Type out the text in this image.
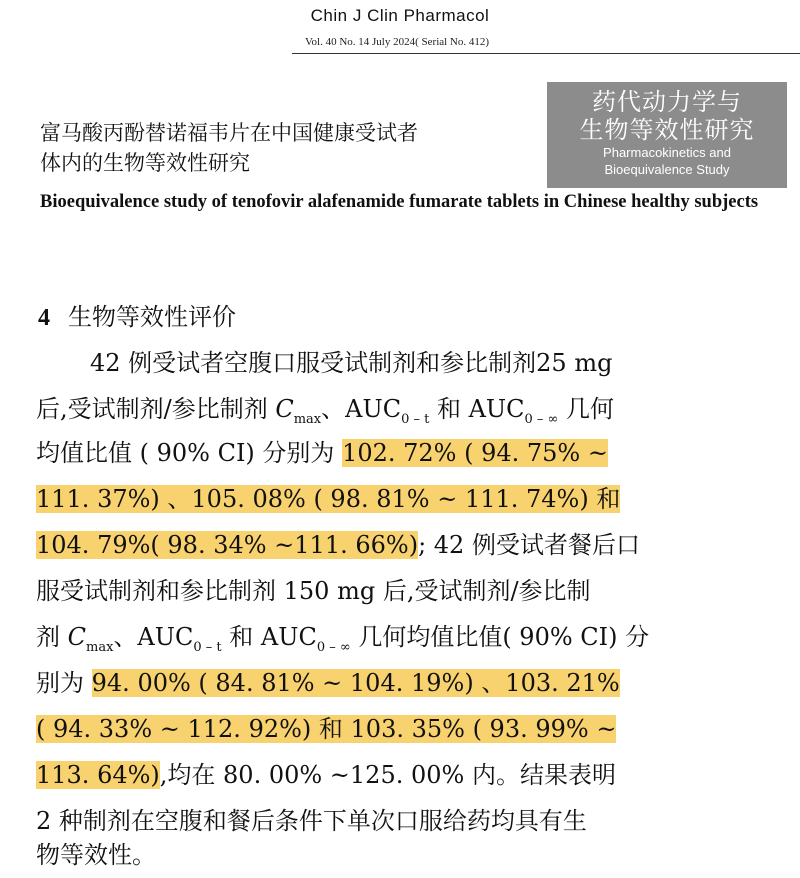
Chin J Clin Pharmacol
Vol. 40 No. 14 July 2024( Serial No. 412)
药代动力学与
生物等效性研究
Pharmacokinetics and
Bioequivalence Study
富马酸丙酚替诺福韦片在中国健康受试者
体内的生物等效性研究
Bioequivalence study of tenofovir alafenamide fumarate tablets in Chinese healthy subjects
4 生物等效性评价
42 例受试者空腹口服受试制剂和参比制剂25 mg
后,受试制剂/参比制剂 $C_{max}$、$AUC_{0 - t}$ 和 $AUC_{0 - \infty}$ 几何
均值比值 ( 90% CI) 分别为 102. 72% ( 94. 75% ~
111. 37%) 、105. 08% ( 98. 81% ~ 111. 74%) 和
104. 79%( 98. 34% ~111. 66%); 42 例受试者餐后口
服受试制剂和参比制剂 150 mg 后,受试制剂/参比制
剂 $C_{max}$、$AUC_{0 - t}$ 和 $AUC_{0 - \infty}$ 几何均值比值( 90% CI) 分
别为 94. 00% ( 84. 81% ~ 104. 19%) 、103. 21%
( 94. 33% ~ 112. 92%) 和 103. 35% ( 93. 99% ~
113. 64%),均在 80. 00% ~125. 00% 内。结果表明
2 种制剂在空腹和餐后条件下单次口服给药均具有生
物等效性。
